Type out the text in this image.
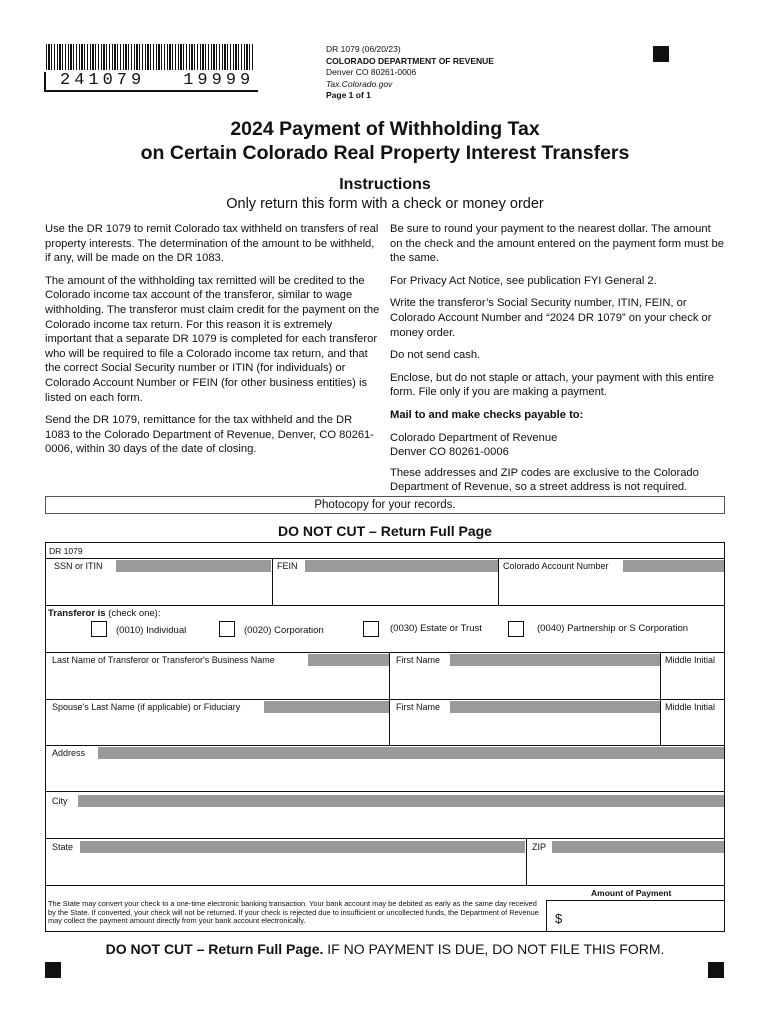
241079 19999
DR 1079 (06/20/23)
COLORADO DEPARTMENT OF REVENUE
Denver CO 80261-0006
Tax.Colorado.gov
Page 1 of 1
2024 Payment of Withholding Tax
on Certain Colorado Real Property Interest Transfers
Instructions
Only return this form with a check or money order

Use the DR 1079 to remit Colorado tax withheld on transfers of real property interests. The determination of the amount to be withheld, if any, will be made on the DR 1083.

The amount of the withholding tax remitted will be credited to the Colorado income tax account of the transferor, similar to wage withholding. The transferor must claim credit for the payment on the Colorado income tax return. For this reason it is extremely important that a separate DR 1079 is completed for each transferor who will be required to file a Colorado income tax return, and that the correct Social Security number or ITIN (for individuals) or Colorado Account Number or FEIN (for other business entities) is listed on each form.

Send the DR 1079, remittance for the tax withheld and the DR 1083 to the Colorado Department of Revenue, Denver, CO 80261-0006, within 30 days of the date of closing.

Be sure to round your payment to the nearest dollar. The amount on the check and the amount entered on the payment form must be the same.

For Privacy Act Notice, see publication FYI General 2.

Write the transferor’s Social Security number, ITIN, FEIN, or Colorado Account Number and “2024 DR 1079” on your check or money order.

Do not send cash.

Enclose, but do not staple or attach, your payment with this entire form. File only if you are making a payment.

Mail to and make checks payable to:

Colorado Department of Revenue
Denver CO 80261-0006

These addresses and ZIP codes are exclusive to the Colorado Department of Revenue, so a street address is not required.

Photocopy for your records.
DO NOT CUT – Return Full Page
DR 1079
SSN or ITIN	FEIN	Colorado Account Number
Transferor is (check one):
(0010) Individual	(0020) Corporation	(0030) Estate or Trust	(0040) Partnership or S Corporation
Last Name of Transferor or Transferor's Business Name	First Name	Middle Initial
Spouse's Last Name (if applicable) or Fiduciary	First Name	Middle Initial
Address
City
State	ZIP
Amount of Payment
$
The State may convert your check to a one-time electronic banking transaction. Your bank account may be debited as early as the same day received by the State. If converted, your check will not be returned. If your check is rejected due to insufficient or uncollected funds, the Department of Revenue may collect the payment amount directly from your bank account electronically.
DO NOT CUT – Return Full Page. IF NO PAYMENT IS DUE, DO NOT FILE THIS FORM.
